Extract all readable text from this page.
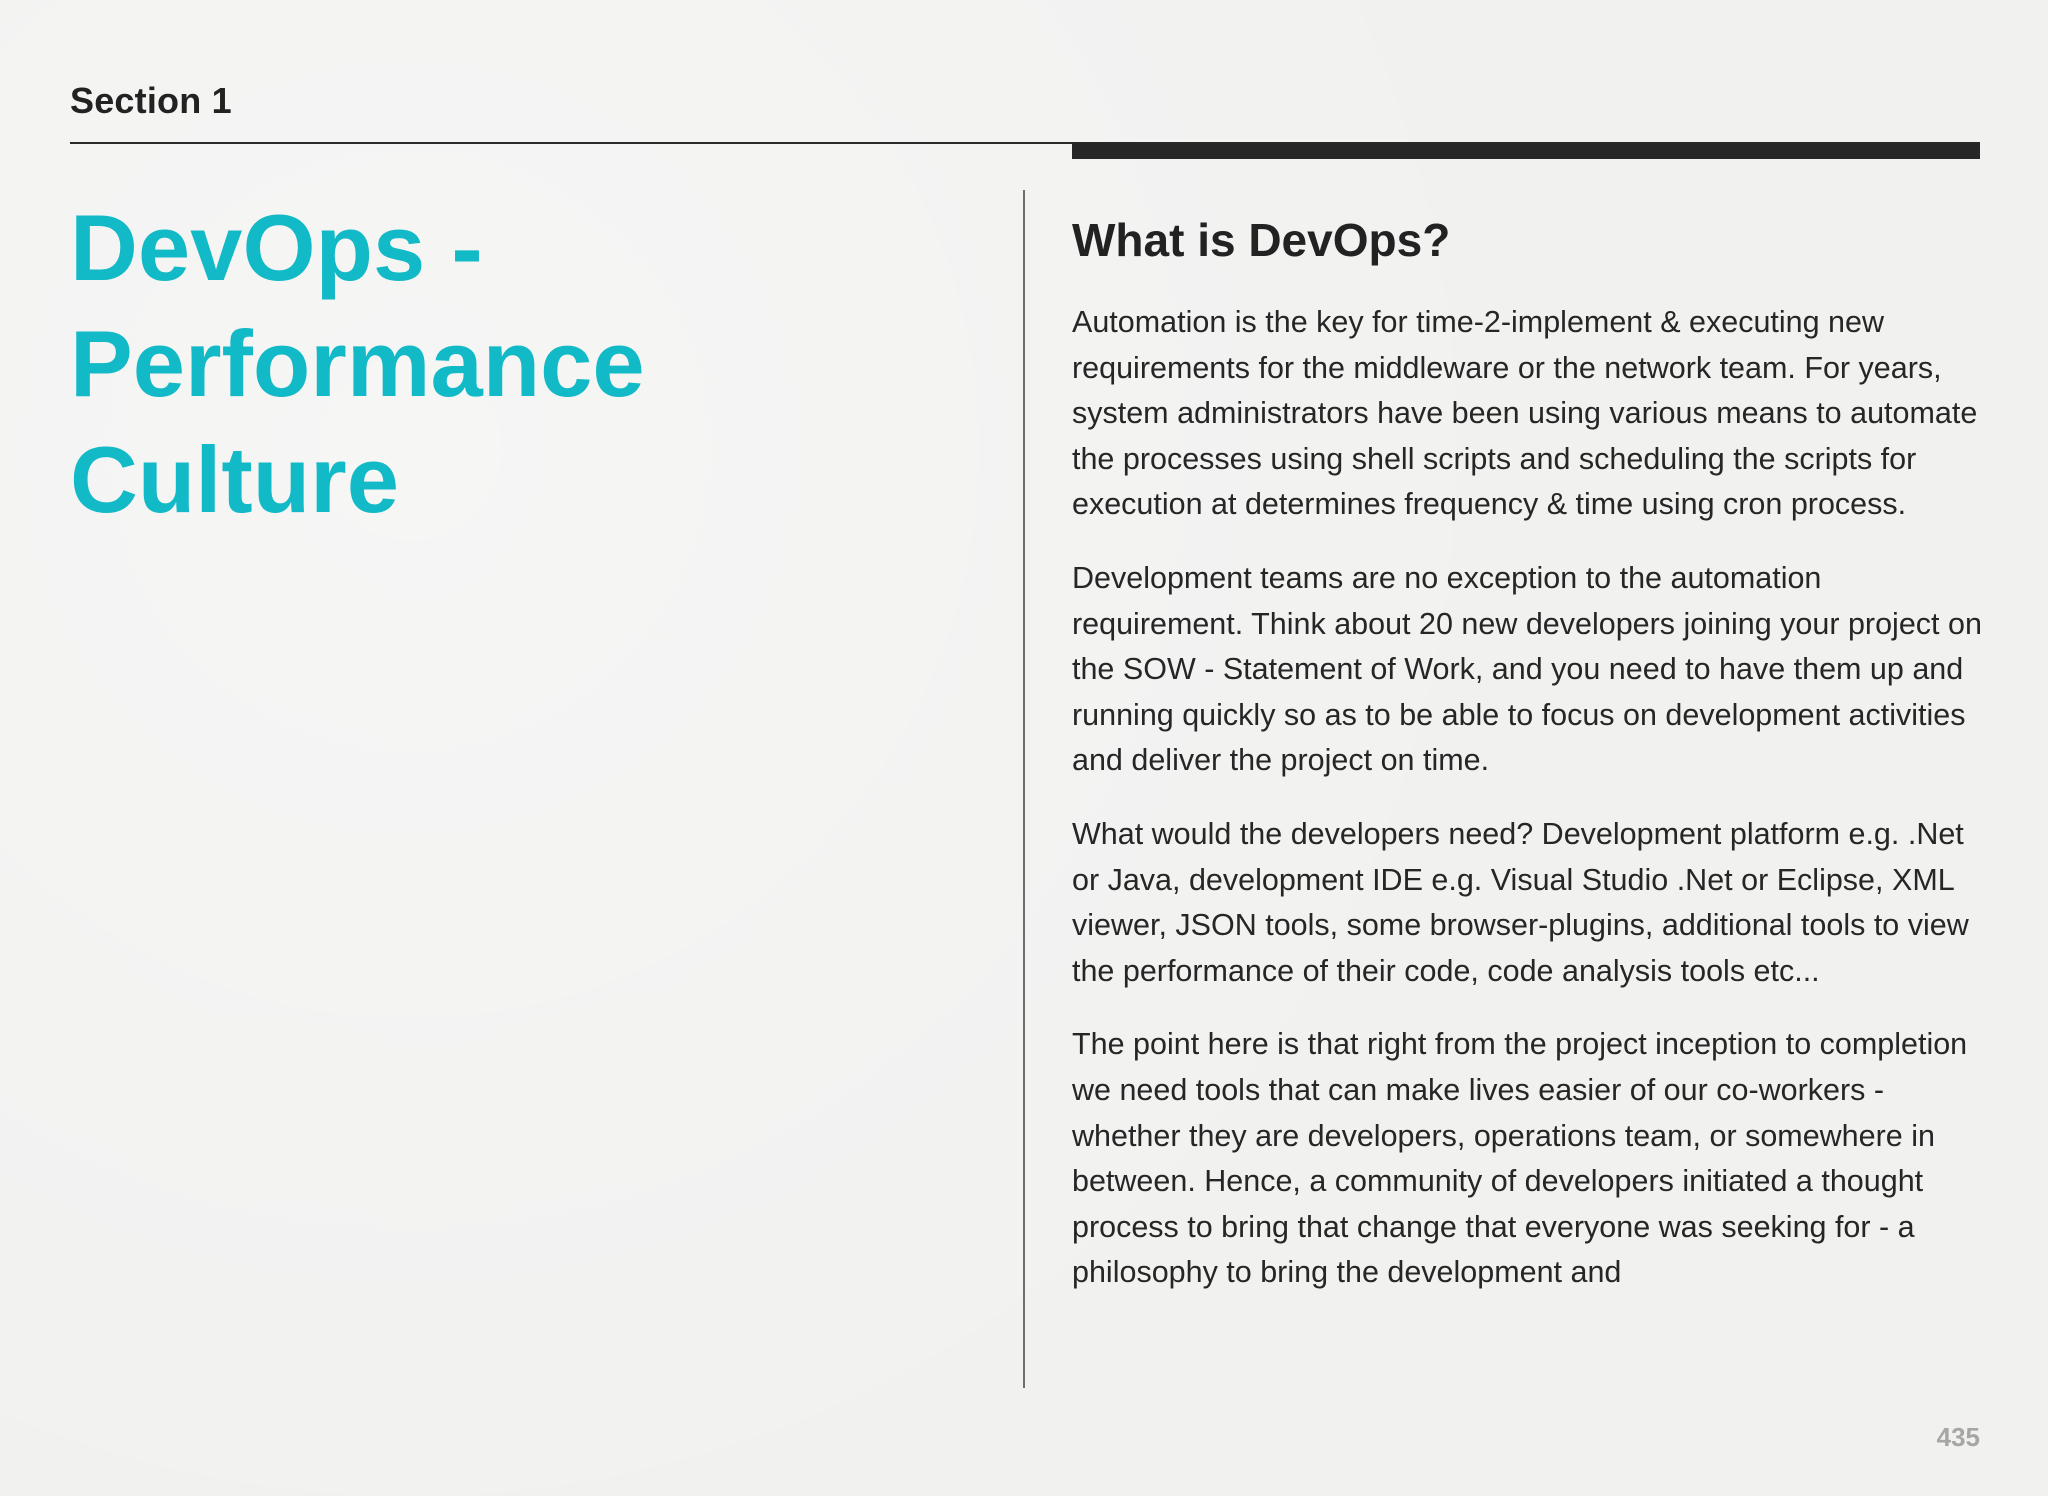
Section 1
DevOps -
Performance
Culture
What is DevOps?

Automation is the key for time-2-implement & executing new requirements for the middleware or the network team. For years, system administrators have been using various means to automate the processes using shell scripts and scheduling the scripts for execution at determines frequency & time using cron process.

Development teams are no exception to the automation requirement. Think about 20 new developers joining your project on the SOW - Statement of Work, and you need to have them up and running quickly so as to be able to focus on development activities and deliver the project on time.

What would the developers need? Development platform e.g. .Net or Java, development IDE e.g. Visual Studio .Net or Eclipse, XML viewer, JSON tools, some browser-plugins, additional tools to view the performance of their code, code analysis tools etc...

The point here is that right from the project inception to completion we need tools that can make lives easier of our co-workers - whether they are developers, operations team, or somewhere in between. Hence, a community of developers initiated a thought process to bring that change that everyone was seeking for - a philosophy to bring the development and

435
